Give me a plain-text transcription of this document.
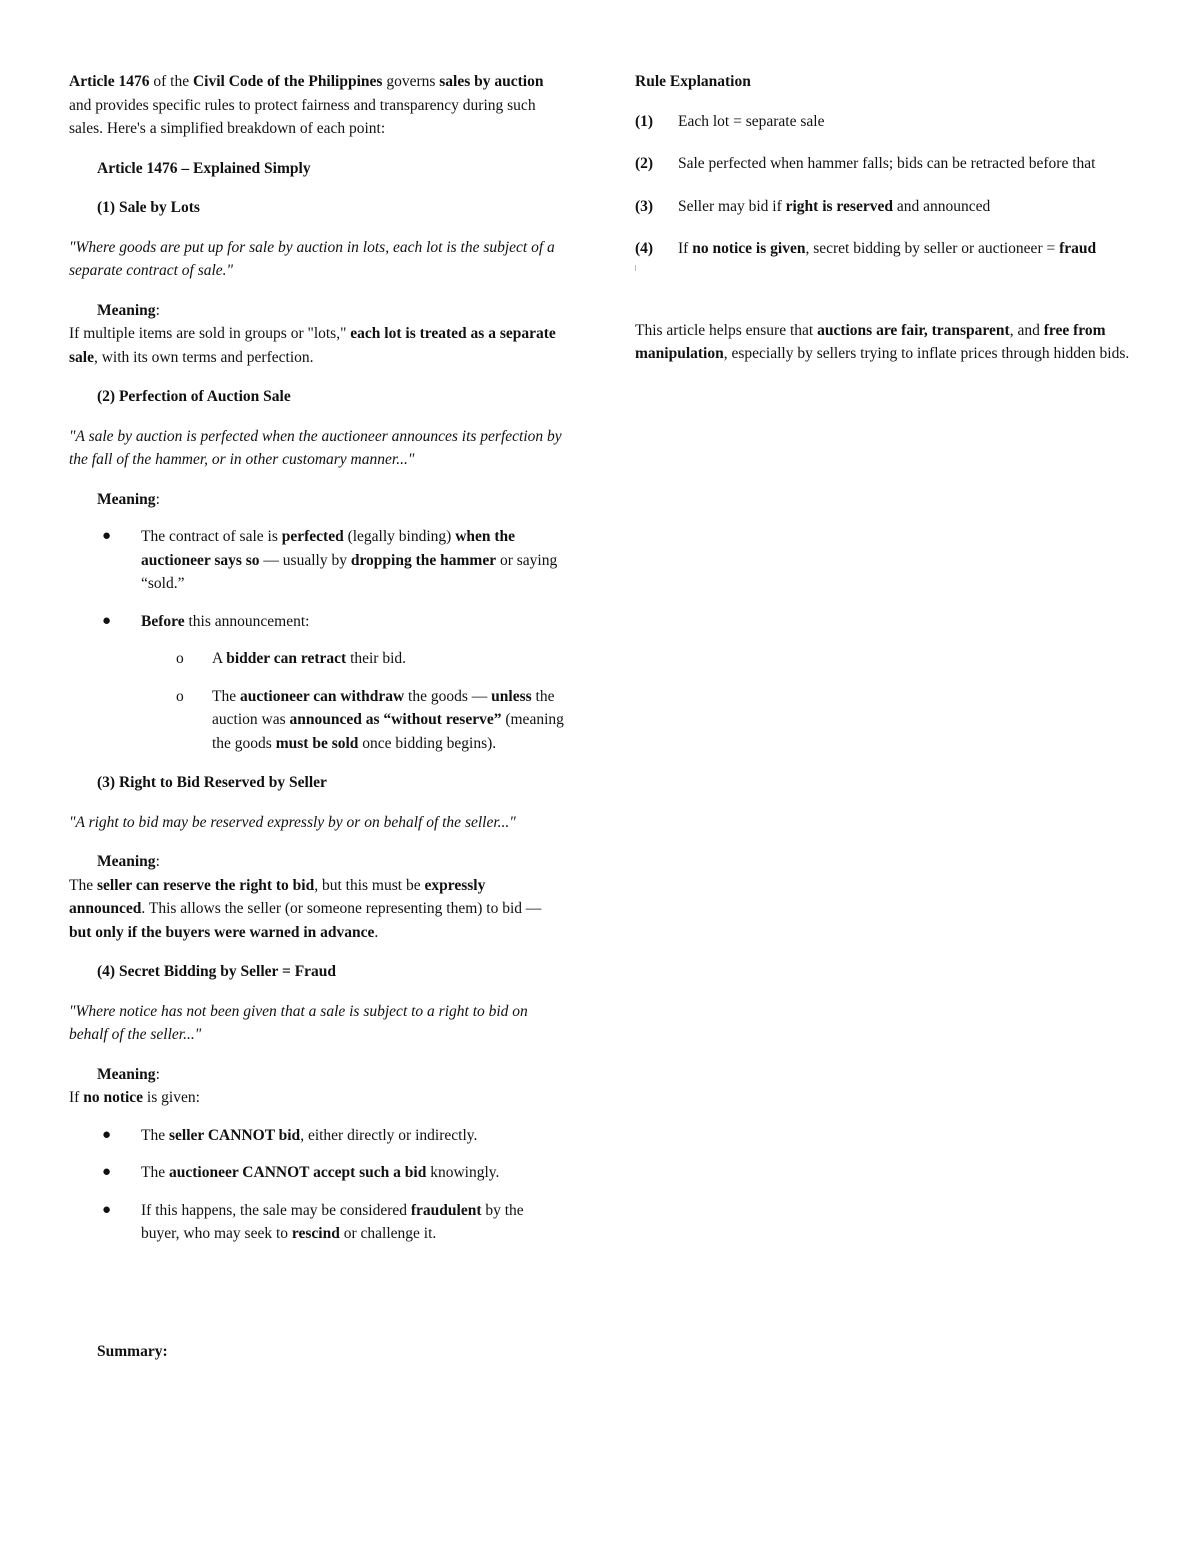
Article 1476 of the Civil Code of the Philippines governs sales by auction and provides specific rules to protect fairness and transparency during such sales. Here's a simplified breakdown of each point:

Article 1476 – Explained Simply

(1) Sale by Lots

"Where goods are put up for sale by auction in lots, each lot is the subject of a separate contract of sale."

Meaning:

If multiple items are sold in groups or "lots," each lot is treated as a separate sale, with its own terms and perfection.

(2) Perfection of Auction Sale

"A sale by auction is perfected when the auctioneer announces its perfection by the fall of the hammer, or in other customary manner..."

Meaning:

● The contract of sale is perfected (legally binding) when the auctioneer says so — usually by dropping the hammer or saying “sold.”
● Before this announcement:
o A bidder can retract their bid.
o The auctioneer can withdraw the goods — unless the auction was announced as “without reserve” (meaning the goods must be sold once bidding begins).

(3) Right to Bid Reserved by Seller

"A right to bid may be reserved expressly by or on behalf of the seller..."

Meaning:

The seller can reserve the right to bid, but this must be expressly announced. This allows the seller (or someone representing them) to bid — but only if the buyers were warned in advance.

(4) Secret Bidding by Seller = Fraud

"Where notice has not been given that a sale is subject to a right to bid on behalf of the seller..."

Meaning:

If no notice is given:

● The seller CANNOT bid, either directly or indirectly.
● The auctioneer CANNOT accept such a bid knowingly.
● If this happens, the sale may be considered fraudulent by the buyer, who may seek to rescind or challenge it.

Summary:

Rule Explanation

(1)	Each lot = separate sale

(2)	Sale perfected when hammer falls; bids can be retracted before that

(3)	Seller may bid if right is reserved and announced

(4)	If no notice is given, secret bidding by seller or auctioneer = fraud

This article helps ensure that auctions are fair, transparent, and free from manipulation, especially by sellers trying to inflate prices through hidden bids.
